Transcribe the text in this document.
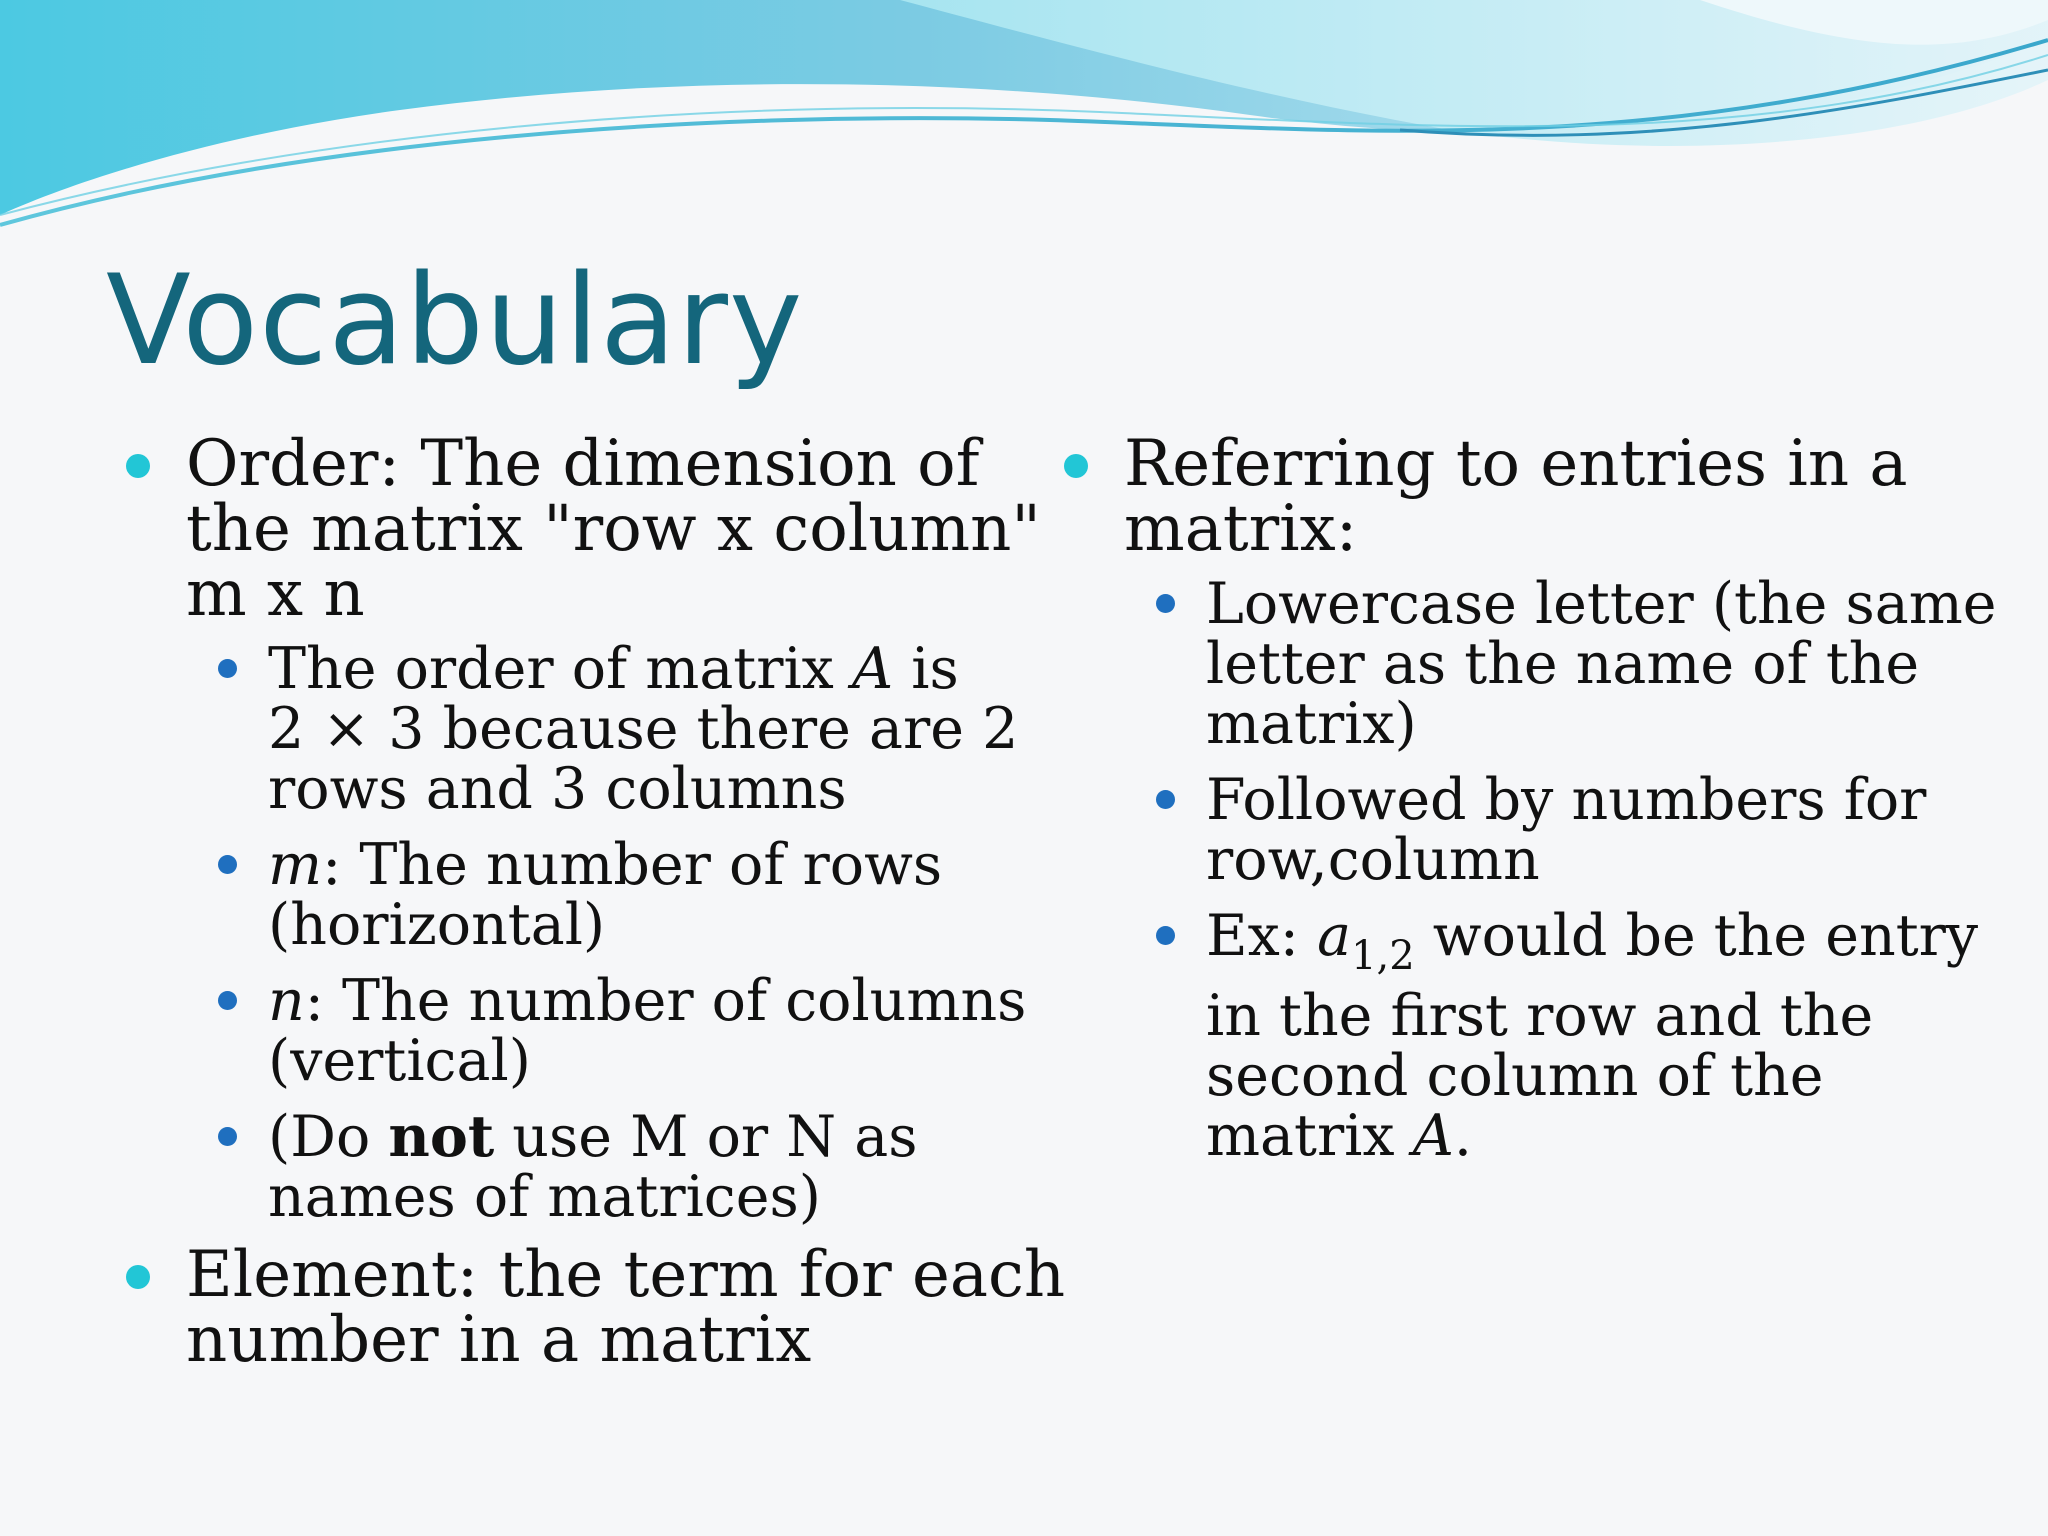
Vocabulary
Order: The dimension of
the matrix "row x column"
m x n
The order of matrix A is
2 × 3 because there are 2
rows and 3 columns
m: The number of rows
(horizontal)
n: The number of columns
(vertical)
(Do not use M or N as
names of matrices)
Element: the term for each
number in a matrix
Referring to entries in a
matrix:
Lowercase letter (the same
letter as the name of the
matrix)
Followed by numbers for
row,column
Ex: $a_{1,2}$ would be the entry
in the first row and the
second column of the
matrix A.
